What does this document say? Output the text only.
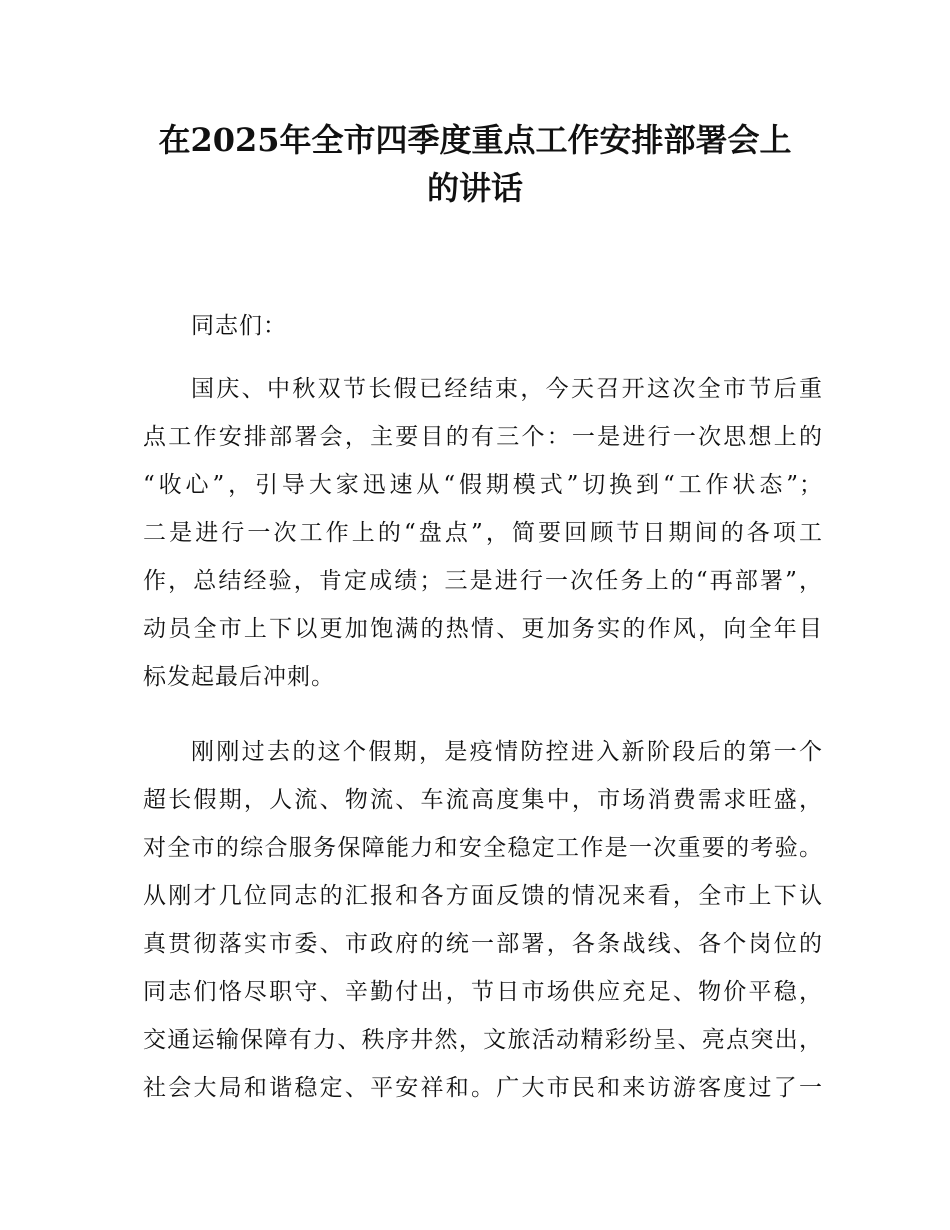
在2025年全市四季度重点工作安排部署会上
的讲话
同志们：
国庆、中秋双节长假已经结束，今天召开这次全市节后重
点工作安排部署会，主要目的有三个：一是进行一次思想上的
“收心”，引导大家迅速从“假期模式”切换到“工作状态”；
二是进行一次工作上的“盘点”，简要回顾节日期间的各项工
作，总结经验，肯定成绩；三是进行一次任务上的“再部署”，
动员全市上下以更加饱满的热情、更加务实的作风，向全年目
标发起最后冲刺。
刚刚过去的这个假期，是疫情防控进入新阶段后的第一个
超长假期，人流、物流、车流高度集中，市场消费需求旺盛，
对全市的综合服务保障能力和安全稳定工作是一次重要的考验。
从刚才几位同志的汇报和各方面反馈的情况来看，全市上下认
真贯彻落实市委、市政府的统一部署，各条战线、各个岗位的
同志们恪尽职守、辛勤付出，节日市场供应充足、物价平稳，
交通运输保障有力、秩序井然，文旅活动精彩纷呈、亮点突出，
社会大局和谐稳定、平安祥和。广大市民和来访游客度过了一
